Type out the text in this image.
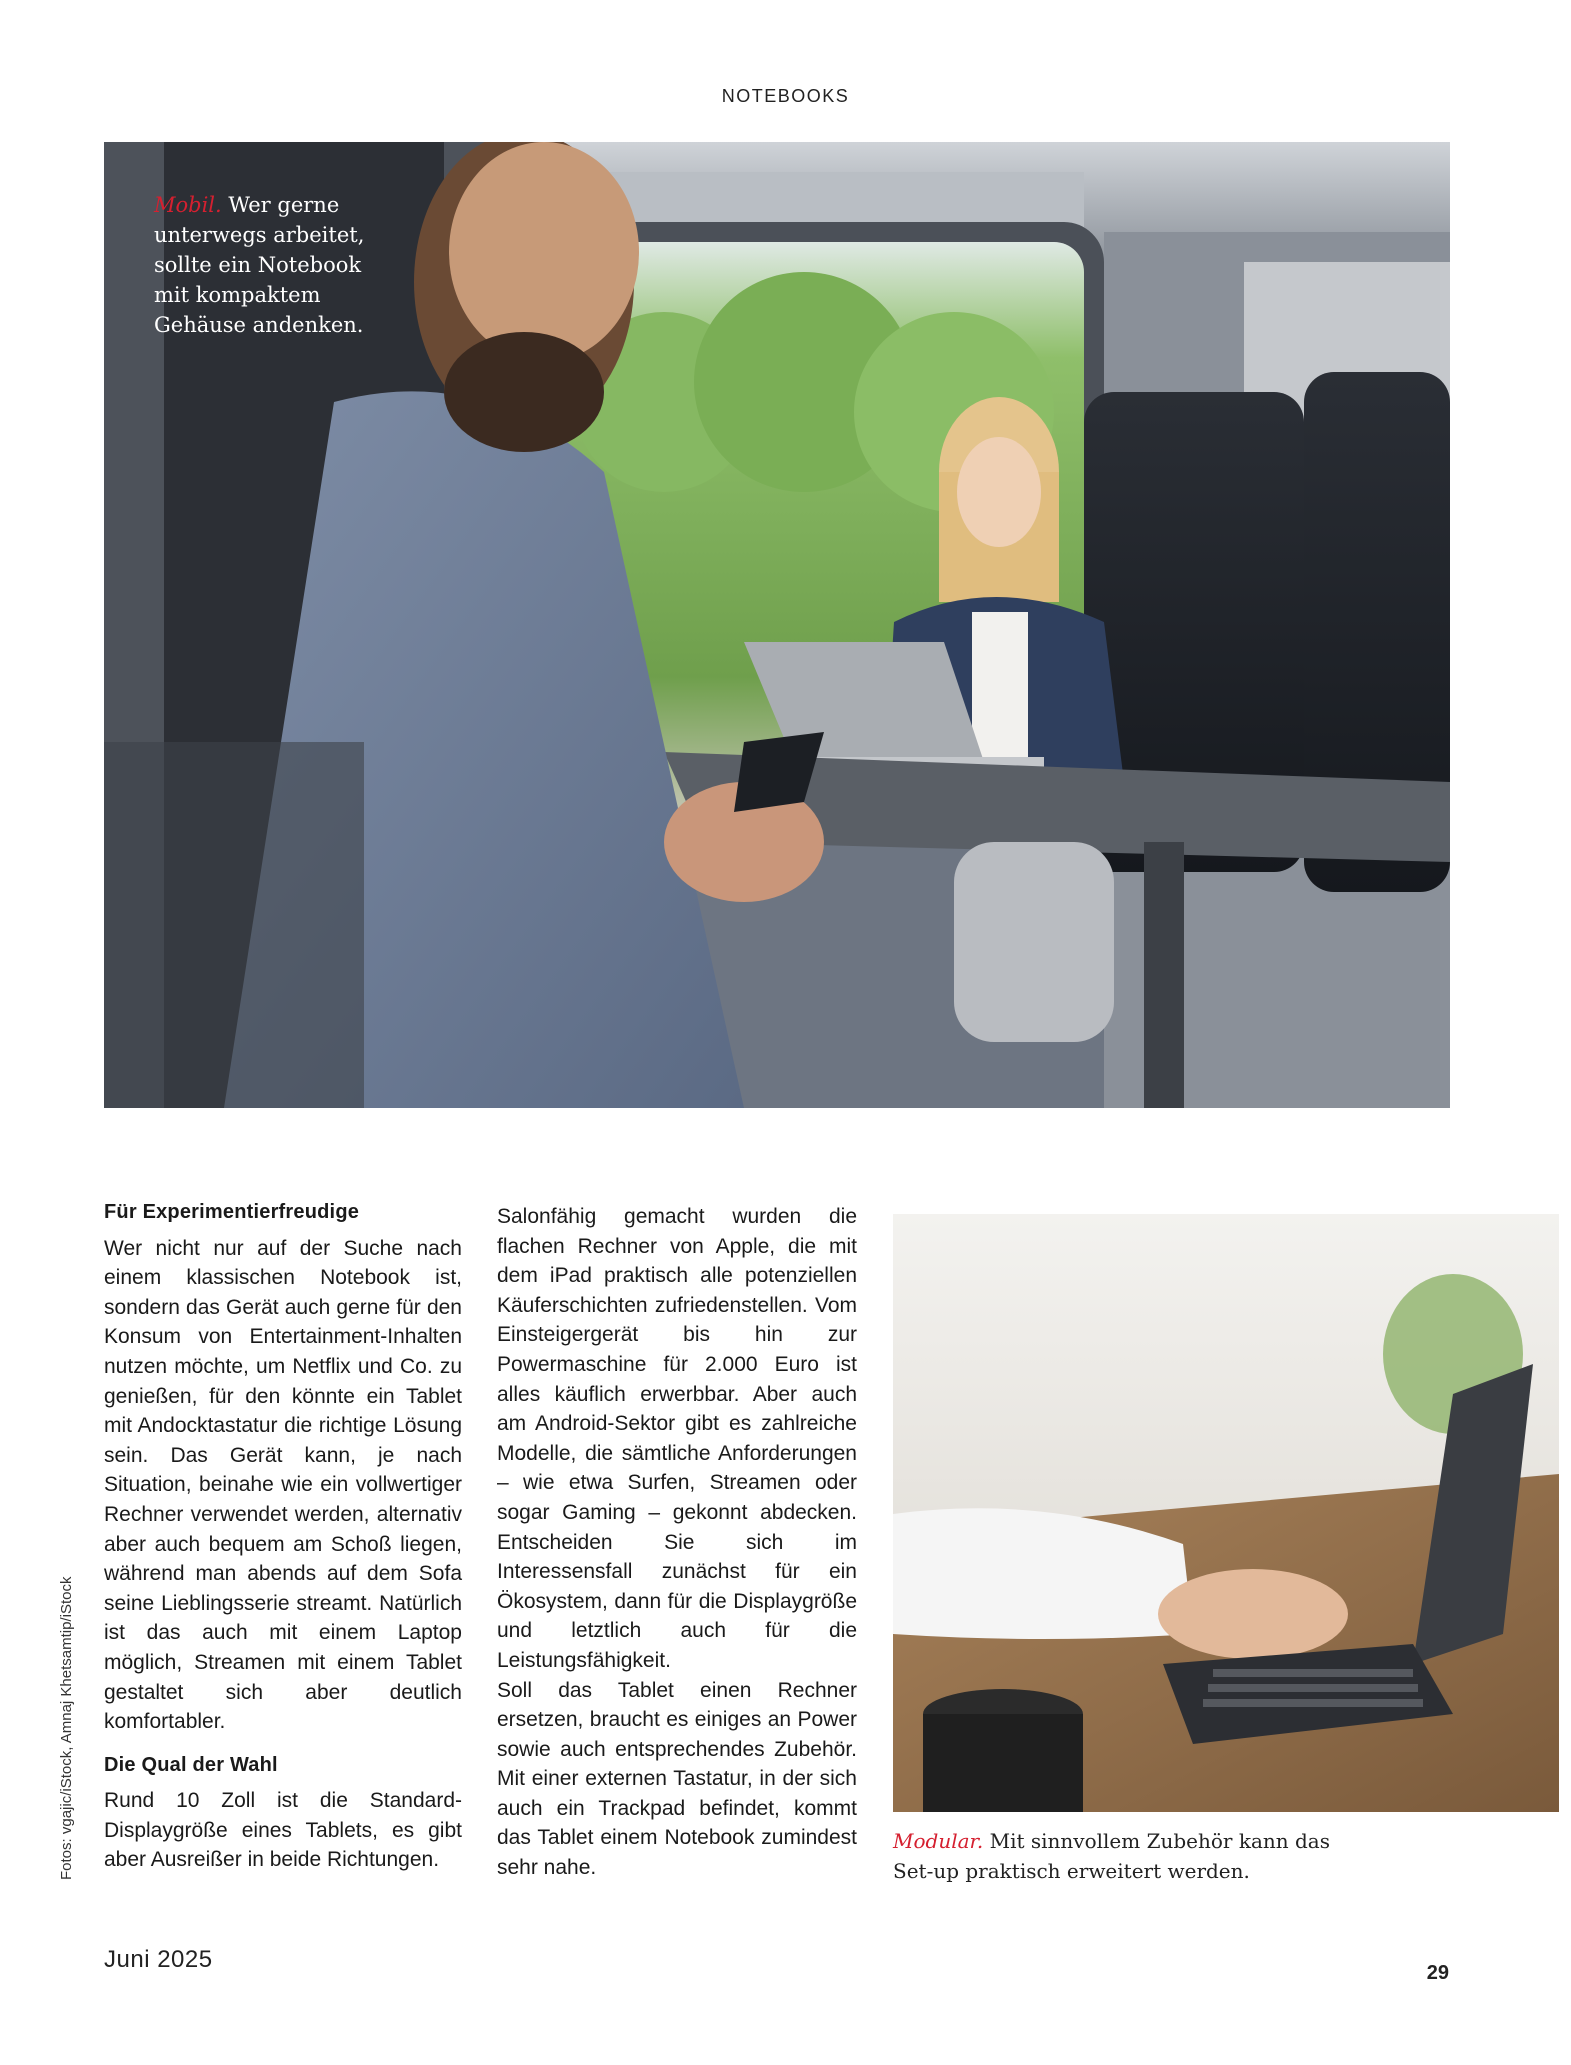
NOTEBOOKS
Mobil. Wer gerne unterwegs arbeitet, sollte ein Notebook mit kompaktem Gehäuse andenken.
Für Experimentierfreudige

Wer nicht nur auf der Suche nach einem klassischen Notebook ist, sondern das Gerät auch gerne für den Konsum von Entertainment-Inhalten nutzen möchte, um Netflix und Co. zu genießen, für den könnte ein Tablet mit Andocktastatur die richtige Lösung sein. Das Gerät kann, je nach Situation, beinahe wie ein vollwertiger Rechner verwendet werden, alternativ aber auch bequem am Schoß liegen, während man abends auf dem Sofa seine Lieblingsserie streamt. Natürlich ist das auch mit einem Laptop möglich, Streamen mit einem Tablet gestaltet sich aber deutlich komfortabler.

Die Qual der Wahl

Rund 10 Zoll ist die Standard-Displaygröße eines Tablets, es gibt aber Ausreißer in beide Richtungen.

Salonfähig gemacht wurden die flachen Rechner von Apple, die mit dem iPad praktisch alle potenziellen Käuferschichten zufriedenstellen. Vom Einsteigergerät bis hin zur Powermaschine für 2.000 Euro ist alles käuflich erwerbbar. Aber auch am Android-Sektor gibt es zahlreiche Modelle, die sämtliche Anforderungen – wie etwa Surfen, Streamen oder sogar Gaming – gekonnt abdecken. Entscheiden Sie sich im Interessensfall zunächst für ein Ökosystem, dann für die Displaygröße und letztlich auch für die Leistungsfähigkeit.

Soll das Tablet einen Rechner ersetzen, braucht es einiges an Power sowie auch entsprechendes Zubehör. Mit einer externen Tastatur, in der sich auch ein Trackpad befindet, kommt das Tablet einem Notebook zumindest sehr nahe.

Modular. Mit sinnvollem Zubehör kann das Set-up praktisch erweitert werden.
Fotos: vgajic/iStock, Amnaj Khetsamtip/iStock
Juni 2025	29
